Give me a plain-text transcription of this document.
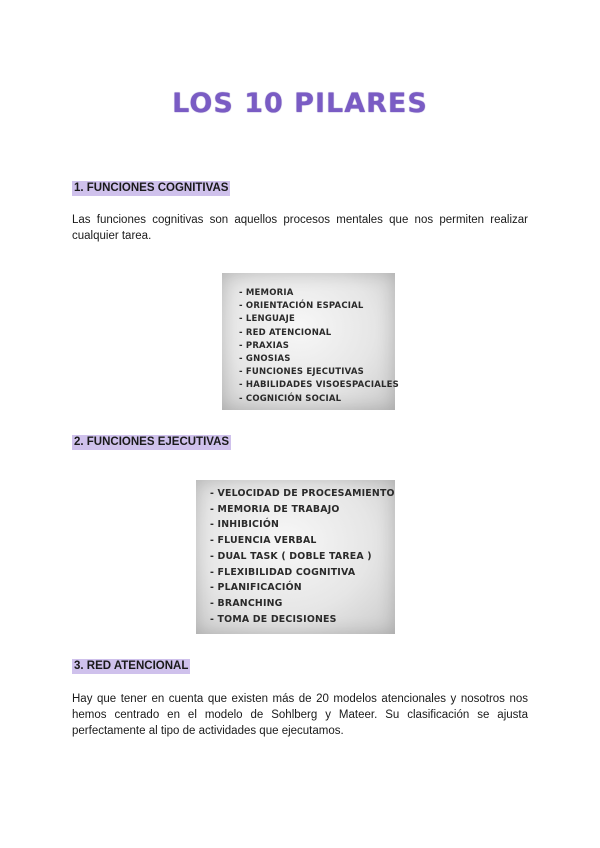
LOS 10 PILARES
1. FUNCIONES COGNITIVAS
Las funciones cognitivas son aquellos procesos mentales que nos permiten realizar cualquier tarea.
- MEMORIA
- ORIENTACIÓN ESPACIAL
- LENGUAJE
- RED ATENCIONAL
- PRAXIAS
- GNOSIAS
- FUNCIONES EJECUTIVAS
- HABILIDADES VISOESPACIALES
- COGNICIÓN SOCIAL
2. FUNCIONES EJECUTIVAS
- VELOCIDAD DE PROCESAMIENTO
- MEMORIA DE TRABAJO
- INHIBICIÓN
- FLUENCIA VERBAL
- DUAL TASK ( DOBLE TAREA )
- FLEXIBILIDAD COGNITIVA
- PLANIFICACIÓN
- BRANCHING
- TOMA DE DECISIONES
3. RED ATENCIONAL
Hay que tener en cuenta que existen más de 20 modelos atencionales y nosotros nos hemos centrado en el modelo de Sohlberg y Mateer. Su clasificación se ajusta perfectamente al tipo de actividades que ejecutamos.
